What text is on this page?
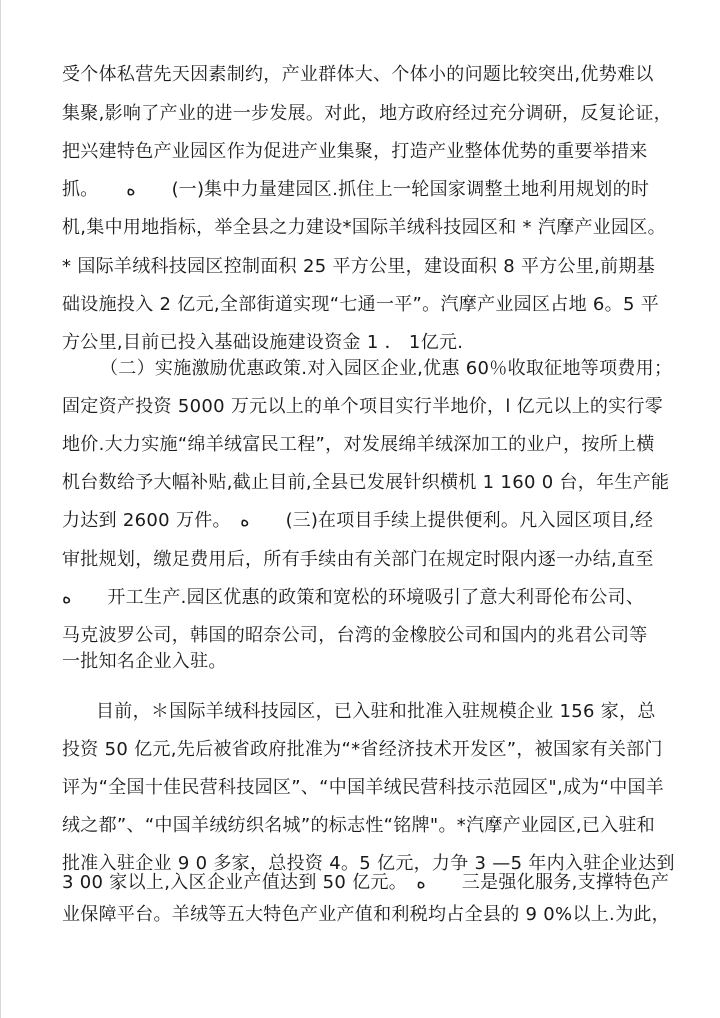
受个体私营先天因素制约，产业群体大、个体小的问题比较突出,优势难以

集聚,影响了产业的进一步发展。对此，地方政府经过充分调研，反复论证，

把兴建特色产业园区作为促进产业集聚，打造产业整体优势的重要举措来

抓。　　ﻩ　　(一)集中力量建园区.抓住上一轮国家调整土地利用规划的时

机,集中用地指标，举全县之力建设*国际羊绒科技园区和 * 汽摩产业园区。

* 国际羊绒科技园区控制面积 25 平方公里，建设面积 8 平方公里,前期基

础设施投入 2 亿元,全部街道实现“七通一平”。汽摩产业园区占地 6。5 平

方公里,目前已投入基础设施建设资金 1 ． 1亿元.

（二）实施激励优惠政策.对入园区企业,优惠 60％收取征地等项费用；

固定资产投资 5000 万元以上的单个项目实行半地价，l 亿元以上的实行零

地价.大力实施“绵羊绒富民工程”，对发展绵羊绒深加工的业户，按所上横

机台数给予大幅补贴,截止目前,全县已发展针织横机 1 160 0 台，年生产能

力达到 2600 万件。　ﻩ　　(三)在项目手续上提供便利。凡入园区项目,经

审批规划，缴足费用后，所有手续由有关部门在规定时限内逐一办结,直至

ﻩ　　开工生产.园区优惠的政策和宽松的环境吸引了意大利哥伦布公司、

马克波罗公司，韩国的昭奈公司，台湾的金橡胶公司和国内的兆君公司等

一批知名企业入驻。

目前，＊国际羊绒科技园区，已入驻和批准入驻规模企业 156 家，总

投资 50 亿元,先后被省政府批准为“*省经济技术开发区”，被国家有关部门

评为“全国十佳民营科技园区”、“中国羊绒民营科技示范园区",成为“中国羊

绒之都”、“中国羊绒纺织名城”的标志性“铭牌"。*汽摩产业园区,已入驻和

批准入驻企业 9 0 多家，总投资 4。5 亿元，力争 3 —5 年内入驻企业达到

3 00 家以上,入区企业产值达到 50 亿元。　ﻩ　　三是强化服务,支撑特色产

业保障平台。羊绒等五大特色产业产值和利税均占全县的 9 0%以上.为此，
